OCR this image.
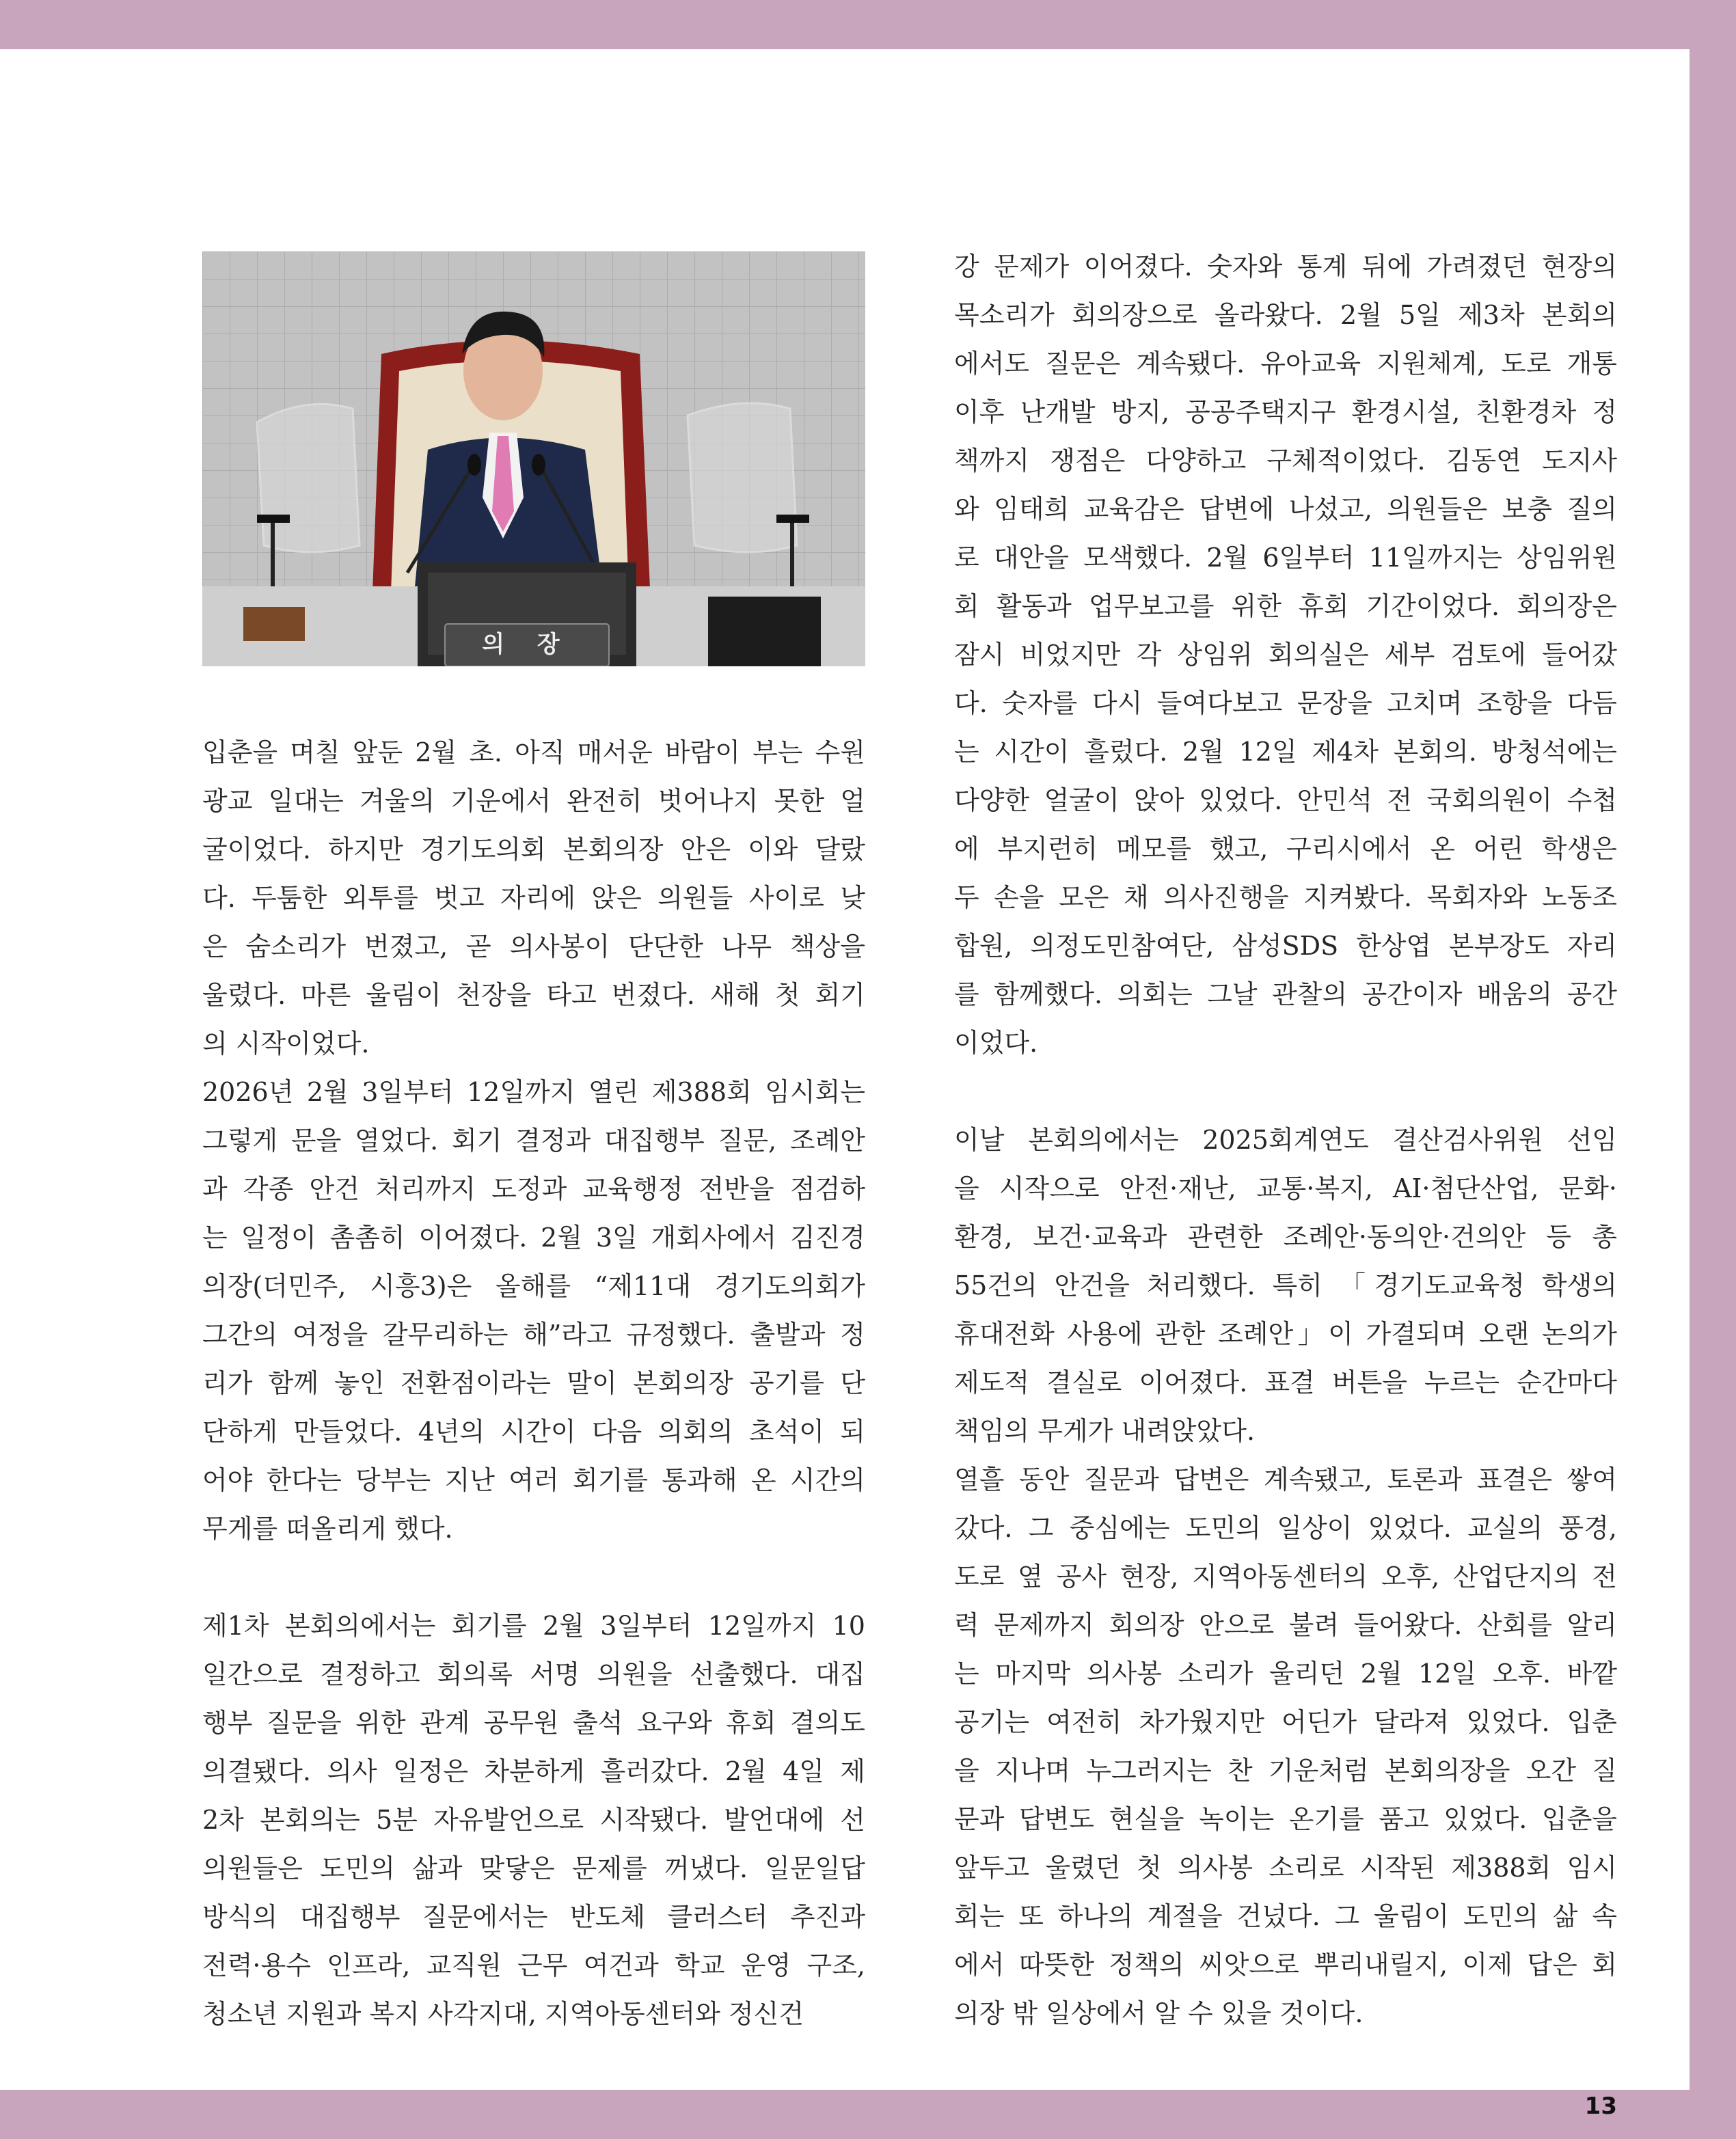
의 장
입춘을 며칠 앞둔 2월 초. 아직 매서운 바람이 부는 수원
광교 일대는 겨울의 기운에서 완전히 벗어나지 못한 얼
굴이었다. 하지만 경기도의회 본회의장 안은 이와 달랐
다. 두툼한 외투를 벗고 자리에 앉은 의원들 사이로 낮
은 숨소리가 번졌고, 곧 의사봉이 단단한 나무 책상을
울렸다. 마른 울림이 천장을 타고 번졌다. 새해 첫 회기
의 시작이었다.
2026년 2월 3일부터 12일까지 열린 제388회 임시회는
그렇게 문을 열었다. 회기 결정과 대집행부 질문, 조례안
과 각종 안건 처리까지 도정과 교육행정 전반을 점검하
는 일정이 촘촘히 이어졌다. 2월 3일 개회사에서 김진경
의장(더민주, 시흥3)은 올해를 “제11대 경기도의회가
그간의 여정을 갈무리하는 해”라고 규정했다. 출발과 정
리가 함께 놓인 전환점이라는 말이 본회의장 공기를 단
단하게 만들었다. 4년의 시간이 다음 의회의 초석이 되
어야 한다는 당부는 지난 여러 회기를 통과해 온 시간의
무게를 떠올리게 했다.
제1차 본회의에서는 회기를 2월 3일부터 12일까지 10
일간으로 결정하고 회의록 서명 의원을 선출했다. 대집
행부 질문을 위한 관계 공무원 출석 요구와 휴회 결의도
의결됐다. 의사 일정은 차분하게 흘러갔다. 2월 4일 제
2차 본회의는 5분 자유발언으로 시작됐다. 발언대에 선
의원들은 도민의 삶과 맞닿은 문제를 꺼냈다. 일문일답
방식의 대집행부 질문에서는 반도체 클러스터 추진과
전력·용수 인프라, 교직원 근무 여건과 학교 운영 구조,
청소년 지원과 복지 사각지대, 지역아동센터와 정신건
강 문제가 이어졌다. 숫자와 통계 뒤에 가려졌던 현장의
목소리가 회의장으로 올라왔다. 2월 5일 제3차 본회의
에서도 질문은 계속됐다. 유아교육 지원체계, 도로 개통
이후 난개발 방지, 공공주택지구 환경시설, 친환경차 정
책까지 쟁점은 다양하고 구체적이었다. 김동연 도지사
와 임태희 교육감은 답변에 나섰고, 의원들은 보충 질의
로 대안을 모색했다. 2월 6일부터 11일까지는 상임위원
회 활동과 업무보고를 위한 휴회 기간이었다. 회의장은
잠시 비었지만 각 상임위 회의실은 세부 검토에 들어갔
다. 숫자를 다시 들여다보고 문장을 고치며 조항을 다듬
는 시간이 흘렀다. 2월 12일 제4차 본회의. 방청석에는
다양한 얼굴이 앉아 있었다. 안민석 전 국회의원이 수첩
에 부지런히 메모를 했고, 구리시에서 온 어린 학생은
두 손을 모은 채 의사진행을 지켜봤다. 목회자와 노동조
합원, 의정도민참여단, 삼성SDS 한상엽 본부장도 자리
를 함께했다. 의회는 그날 관찰의 공간이자 배움의 공간
이었다.
이날 본회의에서는 2025회계연도 결산검사위원 선임
을 시작으로 안전·재난, 교통·복지, AI·첨단산업, 문화·
환경, 보건·교육과 관련한 조례안·동의안·건의안 등 총
55건의 안건을 처리했다. 특히 「경기도교육청 학생의
휴대전화 사용에 관한 조례안」이 가결되며 오랜 논의가
제도적 결실로 이어졌다. 표결 버튼을 누르는 순간마다
책임의 무게가 내려앉았다.
열흘 동안 질문과 답변은 계속됐고, 토론과 표결은 쌓여
갔다. 그 중심에는 도민의 일상이 있었다. 교실의 풍경,
도로 옆 공사 현장, 지역아동센터의 오후, 산업단지의 전
력 문제까지 회의장 안으로 불려 들어왔다. 산회를 알리
는 마지막 의사봉 소리가 울리던 2월 12일 오후. 바깥
공기는 여전히 차가웠지만 어딘가 달라져 있었다. 입춘
을 지나며 누그러지는 찬 기운처럼 본회의장을 오간 질
문과 답변도 현실을 녹이는 온기를 품고 있었다. 입춘을
앞두고 울렸던 첫 의사봉 소리로 시작된 제388회 임시
회는 또 하나의 계절을 건넜다. 그 울림이 도민의 삶 속
에서 따뜻한 정책의 씨앗으로 뿌리내릴지, 이제 답은 회
의장 밖 일상에서 알 수 있을 것이다.
13
